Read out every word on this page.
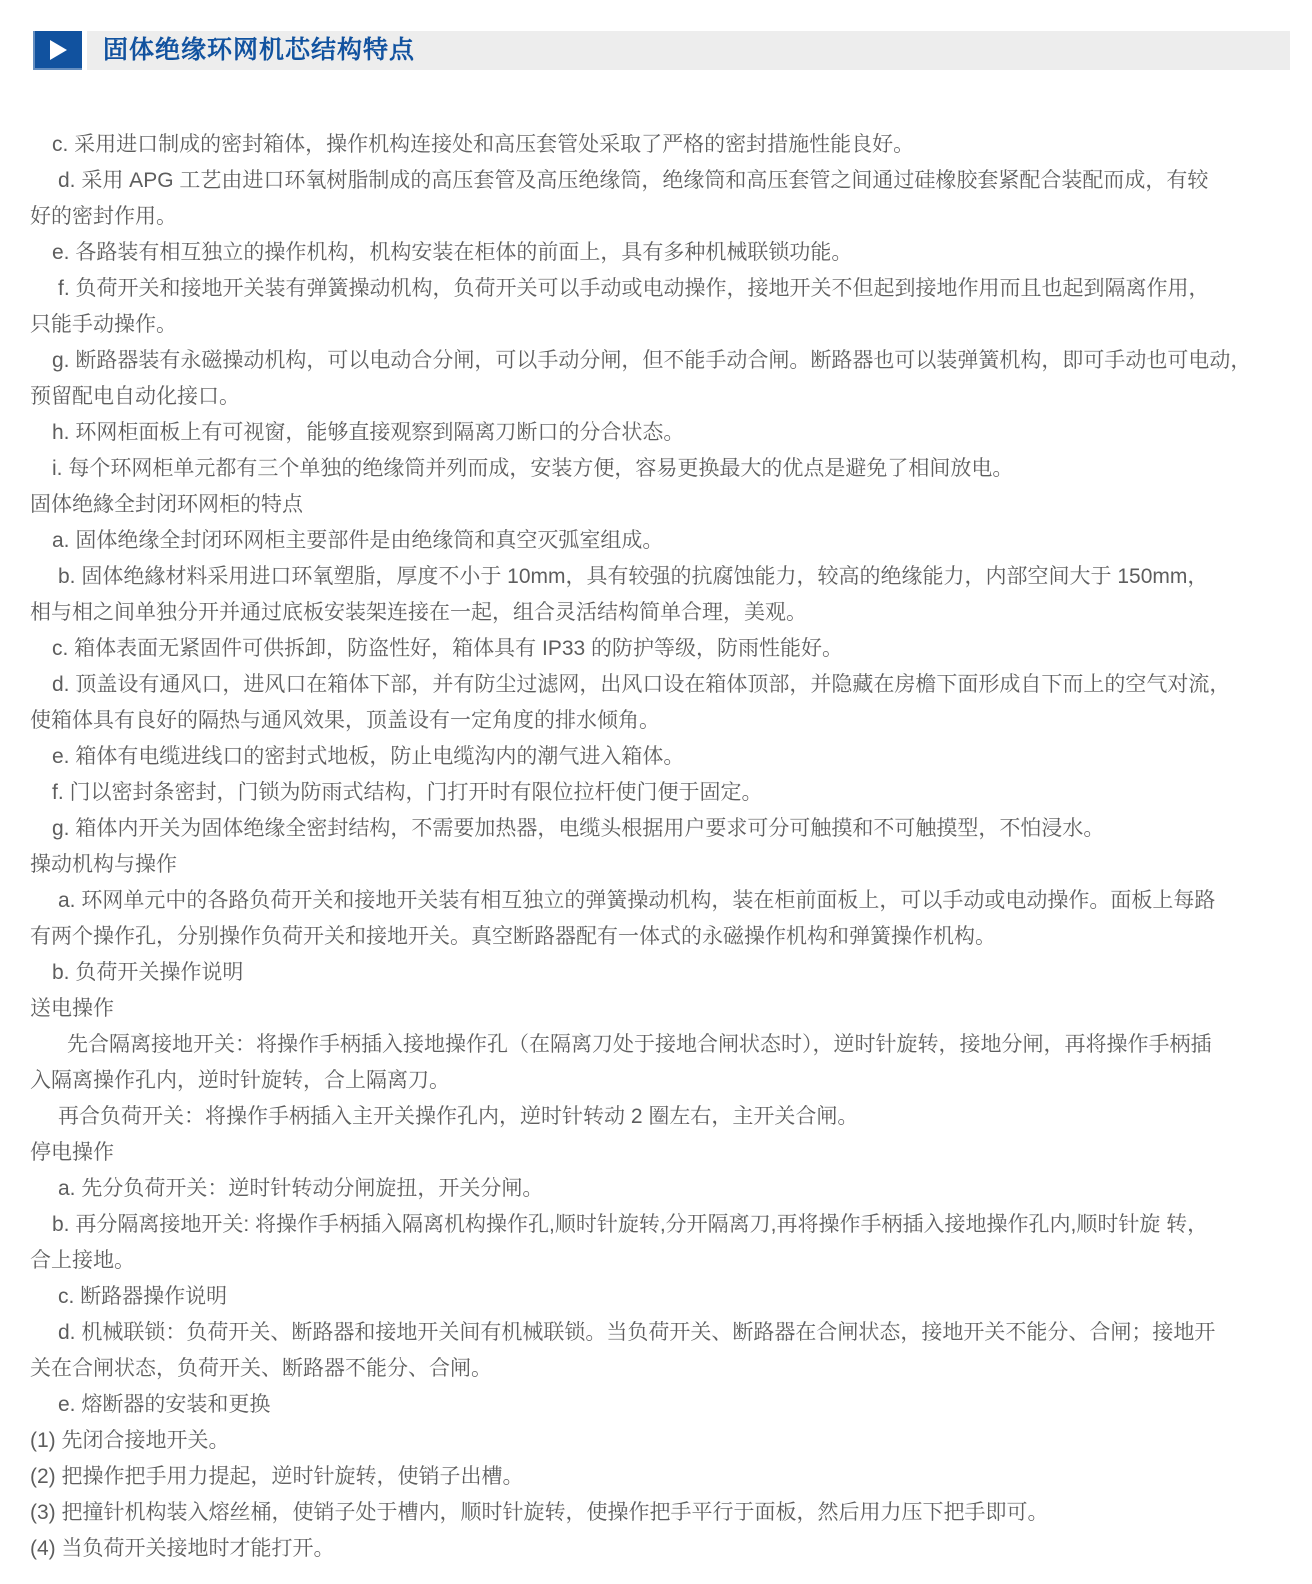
固体绝缘环网机芯结构特点
c. 采用进口制成的密封箱体，操作机构连接处和高压套管处采取了严格的密封措施性能良好。
d. 采用 APG 工艺由进口环氧树脂制成的高压套管及高压绝缘筒，绝缘筒和高压套管之间通过硅橡胶套紧配合装配而成，有较
好的密封作用。
e. 各路装有相互独立的操作机构，机构安装在柜体的前面上，具有多种机械联锁功能。
f. 负荷开关和接地开关装有弹簧操动机构，负荷开关可以手动或电动操作，接地开关不但起到接地作用而且也起到隔离作用，
只能手动操作。
g. 断路器装有永磁操动机构，可以电动合分闸，可以手动分闸，但不能手动合闸。断路器也可以装弹簧机构，即可手动也可电动，
预留配电自动化接口。
h. 环网柜面板上有可视窗，能够直接观察到隔离刀断口的分合状态。
i. 每个环网柜单元都有三个单独的绝缘筒并列而成，安装方便，容易更换最大的优点是避免了相间放电。
固体绝緣全封闭环网柜的特点
a. 固体绝缘全封闭环网柜主要部件是由绝缘筒和真空灭弧室组成。
b. 固体绝緣材料采用进口环氧塑脂，厚度不小于 10mm，具有较强的抗腐蚀能力，较高的绝缘能力，内部空间大于 150mm，
相与相之间单独分开并通过底板安装架连接在一起，组合灵活结构简单合理，美观。
c. 箱体表面无紧固件可供拆卸，防盗性好，箱体具有 IP33 的防护等级，防雨性能好。
d. 顶盖设有通风口，进风口在箱体下部，并有防尘过滤网，出风口设在箱体顶部，并隐藏在房檐下面形成自下而上的空气对流，
使箱体具有良好的隔热与通风效果，顶盖设有一定角度的排水倾角。
e. 箱体有电缆进线口的密封式地板，防止电缆沟内的潮气进入箱体。
f. 门以密封条密封，门锁为防雨式结构，门打开时有限位拉杆使门便于固定。
g. 箱体内开关为固体绝缘全密封结构，不需要加热器，电缆头根据用户要求可分可触摸和不可触摸型，不怕浸水。
操动机构与操作
a. 环网单元中的各路负荷开关和接地开关装有相互独立的弹簧操动机构，装在柜前面板上，可以手动或电动操作。面板上每路
有两个操作孔，分别操作负荷开关和接地开关。真空断路器配有一体式的永磁操作机构和弹簧操作机构。
b. 负荷开关操作说明
送电操作
先合隔离接地开关：将操作手柄插入接地操作孔（在隔离刀处于接地合闸状态时），逆时针旋转，接地分闸，再将操作手柄插
入隔离操作孔内，逆时针旋转，合上隔离刀。
再合负荷开关：将操作手柄插入主开关操作孔内，逆时针转动 2 圈左右，主开关合闸。
停电操作
a. 先分负荷开关：逆时针转动分闸旋扭，开关分闸。
b. 再分隔离接地开关: 将操作手柄插入隔离机构操作孔,顺时针旋转,分开隔离刀,再将操作手柄插入接地操作孔内,顺时针旋 转，
合上接地。
c. 断路器操作说明
d. 机械联锁：负荷开关、断路器和接地开关间有机械联锁。当负荷开关、断路器在合闸状态，接地开关不能分、合闸；接地开
关在合闸状态，负荷开关、断路器不能分、合闸。
e. 熔断器的安装和更换
(1) 先闭合接地开关。
(2) 把操作把手用力提起，逆时针旋转，使销子出槽。
(3) 把撞针机构装入熔丝桶，使销子处于槽内，顺时针旋转，使操作把手平行于面板，然后用力压下把手即可。
(4) 当负荷开关接地时才能打开。
